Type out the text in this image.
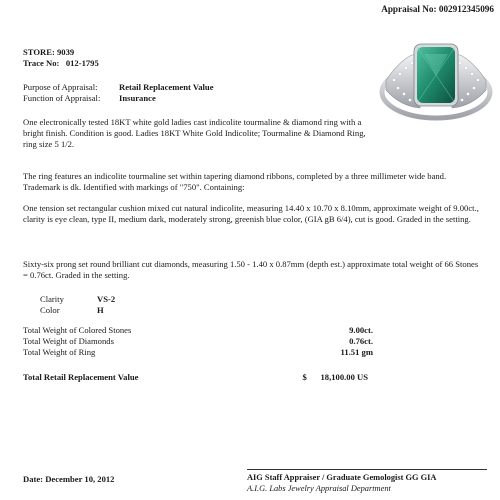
Appraisal No: 002912345096
STORE: 9039
Trace No: 012-1795
Purpose of Appraisal:	Retail Replacement Value
Function of Appraisal:	Insurance
One electronically tested 18KT white gold ladies cast indicolite tourmaline & diamond ring with a bright finish. Condition is good. Ladies 18KT White Gold Indicolite; Tourmaline & Diamond Ring, ring size 5 1/2.
The ring features an indicolite tourmaline set within tapering diamond ribbons, completed by a three millimeter wide band. Trademark is dk. Identified with markings of "750". Containing:
One tension set rectangular cushion mixed cut natural indicolite, measuring 14.40 x 10.70 x 8.10mm, approximate weight of 9.00ct., clarity is eye clean, type II, medium dark, moderately strong, greenish blue color, (GIA gB 6/4), cut is good. Graded in the setting.
Sixty-six prong set round brilliant cut diamonds, measuring 1.50 - 1.40 x 0.87mm (depth est.) approximate total weight of 66 Stones = 0.76ct. Graded in the setting.
Clarity	VS-2
Color	H
Total Weight of Colored Stones	9.00ct.
Total Weight of Diamonds	0.76ct.
Total Weight of Ring	11.51 gm
Total Retail Replacement Value	$	18,100.00 US
Date: December 10, 2012	AIG Staff Appraiser / Graduate Gemologist GG GIA
A.I.G. Labs Jewelry Appraisal Department
